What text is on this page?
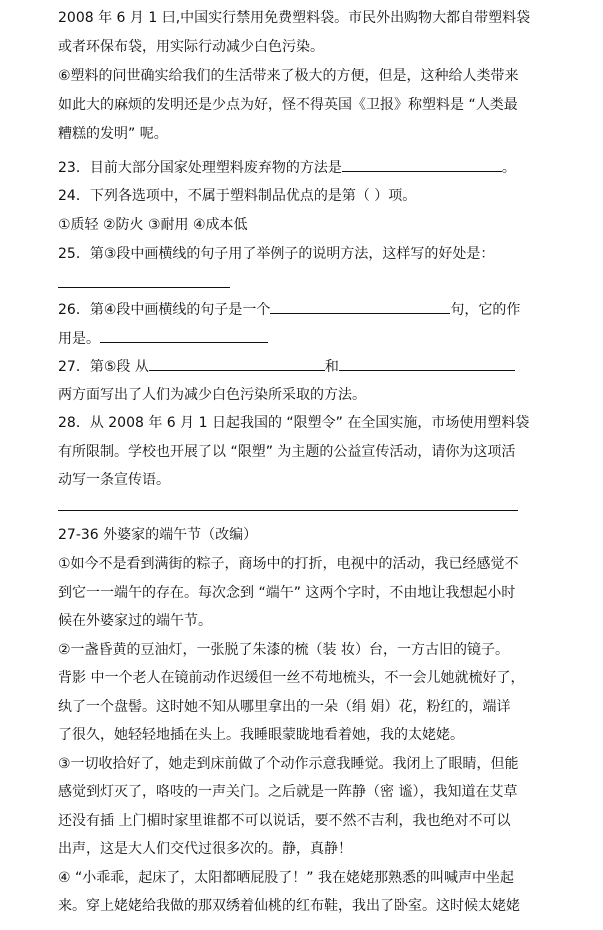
2008 年 6 月 1 曰,中国实行禁用免费塑料袋。市民外出购物大都自带塑料袋
或者环保布袋，用实际行动减少白色污染。
⑥塑料的问世确实给我们的生活带来了极大的方便，但是，这种给人类带来
如此大的麻烦的发明还是少点为好，怪不得英国《卫报》称塑料是 “人类最
糟糕的发明” 呢。
23．目前大部分国家处理塑料废弃物的方法是	。
24．下列各选项中，不属于塑料制品优点的是第（ ）项。
①质轻 ②防火 ③耐用 ④成本低
25．第③段中画横线的句子用了举例子的说明方法，这样写的好处是：
26．第④段中画横线的句子是一个	句，它的作
用是。
27．第⑤段 从	和
两方面写出了人们为减少白色污染所采取的方法。
28．从 2008 年 6 月 1 日起我国的 “限塑令” 在全国实施，市场使用塑料袋
有所限制。学校也开展了以 “限塑” 为主题的公益宣传活动，请你为这项活
动写一条宣传语。
27-36 外婆家的端午节（改编）
①如今不是看到满街的粽子，商场中的打折，电视中的活动，我已经感觉不
到它一一端午的存在。每次念到 “端午” 这两个字时，不由地让我想起小时
候在外婆家过的端午节。
②一盏昏黄的豆油灯，一张脱了朱漆的梳（装 妆）台，一方古旧的镜子。
背影 中一个老人在镜前动作迟缓但一丝不苟地梳头，不一会儿她就梳好了，
纨了一个盘髻。这时她不知从哪里拿出的一朵（绢 娟）花，粉红的，端详
了很久，她轻轻地插在头上。我睡眼蒙眬地看着她，我的太姥姥。
③一切收拾好了，她走到床前做了个动作示意我睡觉。我闭上了眼睛，但能
感觉到灯灭了，咯吱的一声关门。之后就是一阵静（密 谧），我知道在艾草
还没有插 上门楣时家里谁都不可以说话，要不然不吉利，我也绝对不可以
出声，这是大人们交代过很多次的。静，真静！
④ “小乖乖，起床了，太阳都晒屁股了！” 我在姥姥那熟悉的叫喊声中坐起
来。穿上姥姥给我做的那双绣着仙桃的红布鞋，我出了卧室。这时候太姥姥
